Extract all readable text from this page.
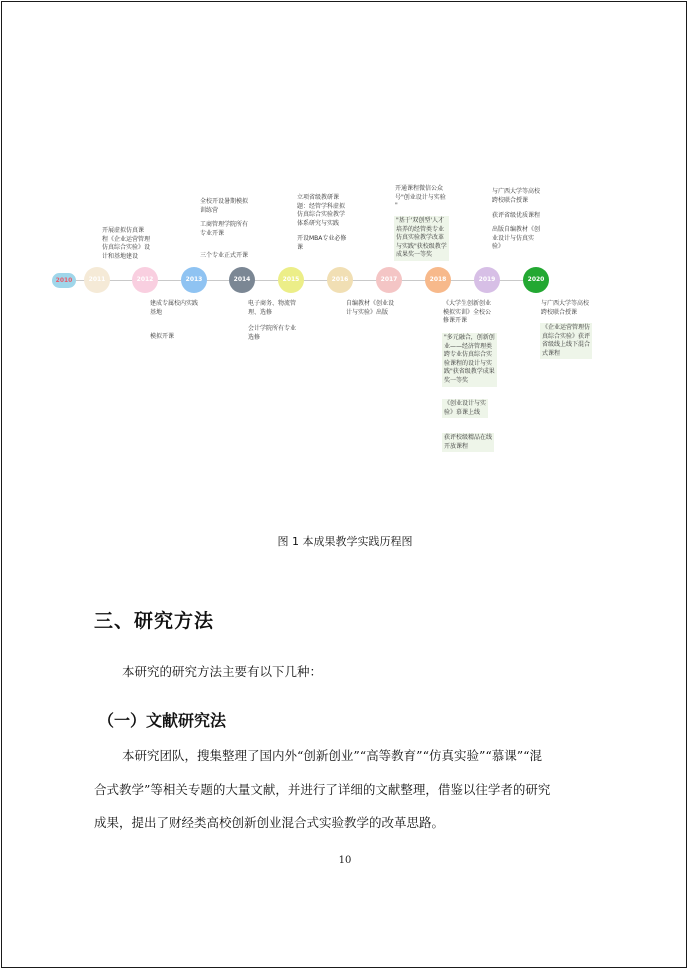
2010	2011	2012	2013	2014	2015	2016	2017	2018	2019	2020
开展虚拟仿真课
程《企业运营管理
仿真综合实验》设
计和基地建设
全校开设暑期模拟
训练营
工商管理学院所有
专业开课
三个专业正式开课
立项省级教研课
题：经管学科虚拟
仿真综合实验教学
体系研究与实践
开设MBA专业必修
课
开通课程微信公众
号"创业设计与实验
"
"基于'双创型'人才
培养的经管类专业
仿真实验教学改革
与实践"获校级教学
成果奖一等奖
与广西大学等高校
跨校联合授课
获评省级优质课程
出版自编教材《创
业设计与仿真实
验》
建成专属校内实践
基地
模拟开课
电子商务、物流管
理、选修
会计学院所有专业
选修
自编教材《创业设
计与实验》出版
《大学生创新创业
模拟实训》全校公
修课开课
"多元融合，创新创
业——经济管理类
跨专业仿真综合实
验课程的设计与实
践"获省级教学成果
奖一等奖
《创业设计与实
验》慕课上线
获评校级精品在线
开放课程
与广西大学等高校
跨校联合授课
《企业运营管理仿
真综合实验》获评
省级线上线下混合
式课程
图 1 本成果教学实践历程图
三、研究方法
本研究的研究方法主要有以下几种：
（一）文献研究法
本研究团队，搜集整理了国内外“创新创业”“高等教育”“仿真实验”“慕课”“混
合式教学”等相关专题的大量文献，并进行了详细的文献整理，借鉴以往学者的研究
成果，提出了财经类高校创新创业混合式实验教学的改革思路。
10
